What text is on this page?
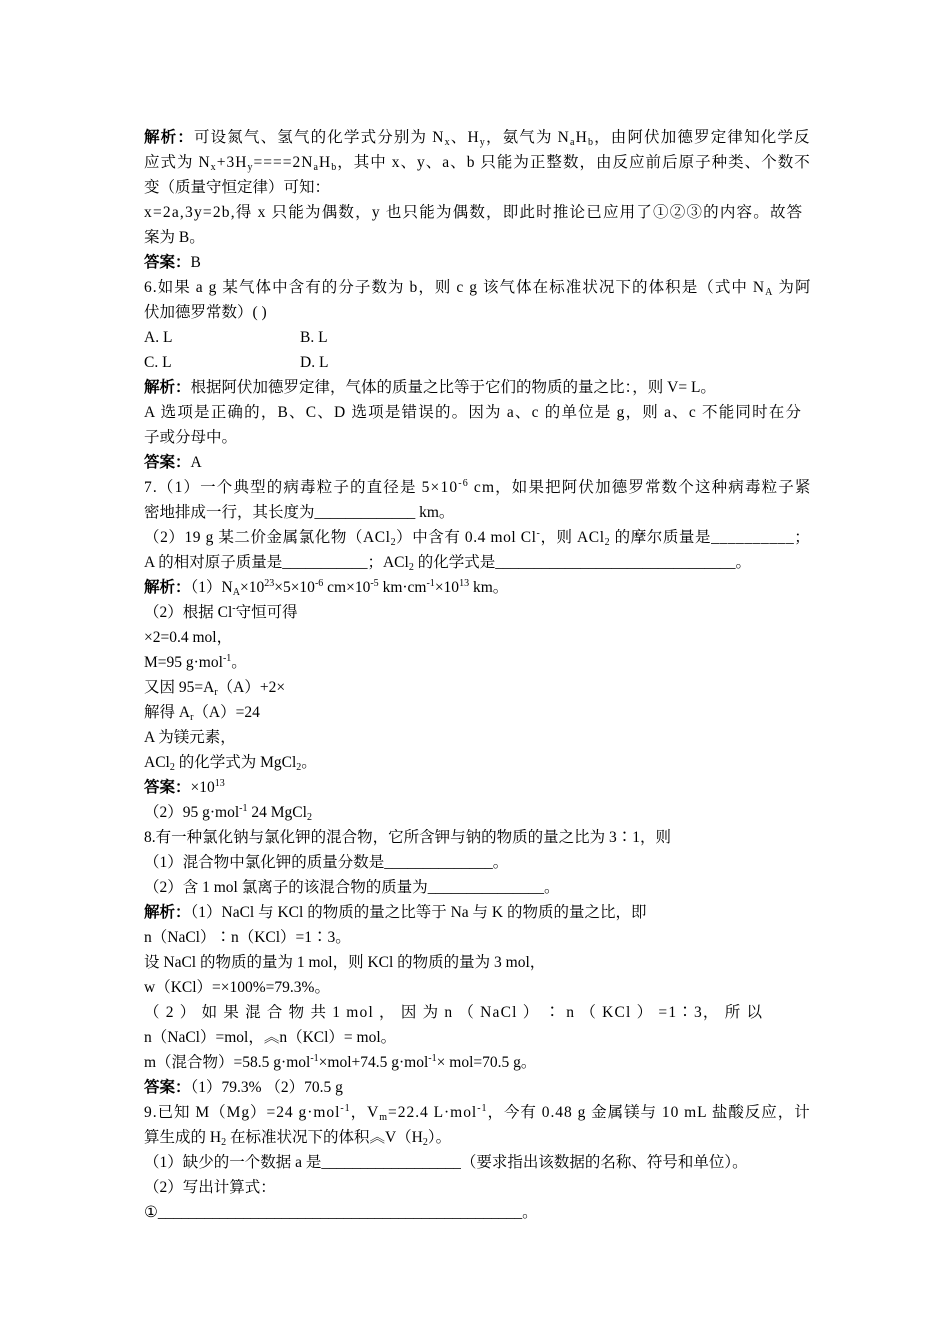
解析：可设氮气、氢气的化学式分别为 $N_x$、$H_y$，氨气为 $N_aH_b$，由阿伏加德罗定律知化学反
应式为 $N_x+3H_y====2N_aH_b$，其中 x、y、a、b 只能为正整数，由反应前后原子种类、个数不
变（质量守恒定律）可知：
x=2a,3y=2b,得 x 只能为偶数，y 也只能为偶数，即此时推论已应用了①②③的内容。故答
案为 B。
答案：B
6.如果 a g 某气体中含有的分子数为 b，则 c g 该气体在标准状况下的体积是（式中 $N_A$ 为阿
伏加德罗常数）( )
A. L
C. L
解析：根据阿伏加德罗定律，气体的质量之比等于它们的物质的量之比：，则 V= L。
A 选项是正确的，B、C、D 选项是错误的。因为 a、c 的单位是 g，则 a、c 不能同时在分
子或分母中。
答案：A
7.（1）一个典型的病毒粒子的直径是 $5\times 10^{-6}$ cm，如果把阿伏加德罗常数个这种病毒粒子紧
密地排成一行，其长度为_____________ km。
（2）19 g 某二价金属氯化物（ACl$_2$）中含有 0.4 mol Cl-，则 ACl$_2$ 的摩尔质量是__________；
A 的相对原子质量是___________；ACl$_2$ 的化学式是_______________________________。
解析：$(1)N_A\times 10^{23}\times 5\times 10^{-6}$ $cm\times 10^{-5}$ $km\cdot cm^{-1}\times 10^{13}$ km。
（2）根据 Cl-守恒可得
×2=0.4 mol，
M=95 g·mol$^{-1}$。
又因 $95=A_r(A)+2\times$
解得 $A_r(A)=24$
A 为镁元素，
ACl$_2$ 的化学式为 MgCl$_2$。
答案：$\times 10^{13}$
（2）95 g·mol$^{-1}$ 24 MgCl$_2$
8.有一种氯化钠与氯化钾的混合物，它所含钾与钠的物质的量之比为 3∶1，则
（1）混合物中氯化钾的质量分数是______________。
（2）含 1 mol 氯离子的该混合物的质量为_______________。
解析：（1）NaCl 与 KCl 的物质的量之比等于 Na 与 K 的物质的量之比，即
n（NaCl）∶n（KCl）=1∶3。
设 NaCl 的物质的量为 1 mol，则 KCl 的物质的量为 3 mol，
w（KCl）=×100%=79.3%。
（ 2 ） 如 果 混 合 物 共 1 mol ， 因 为 n （ NaCl ） ∶ n （ KCl ） =1∶3， 所 以
n（NaCl）=mol，︽n（KCl）= mol。
m（混合物）=58.5 g·mol$^{-1}$×mol+74.5 g·mol$^{-1}$× mol=70.5 g。
答案：（1）79.3% （2）70.5 g
9.已知 M（Mg）=24 g·mol$^{-1}$，$V_m=22.4$ L·mol$^{-1}$，今有 0.48 g 金属镁与 10 mL 盐酸反应，计
算生成的 $H_2$ 在标准状况下的体积$︽V(H_2)$。
（1）缺少的一个数据 a 是__________________（要求指出该数据的名称、符号和单位）。
（2）写出计算式：
①_______________________________________________。
B. L
D. L
